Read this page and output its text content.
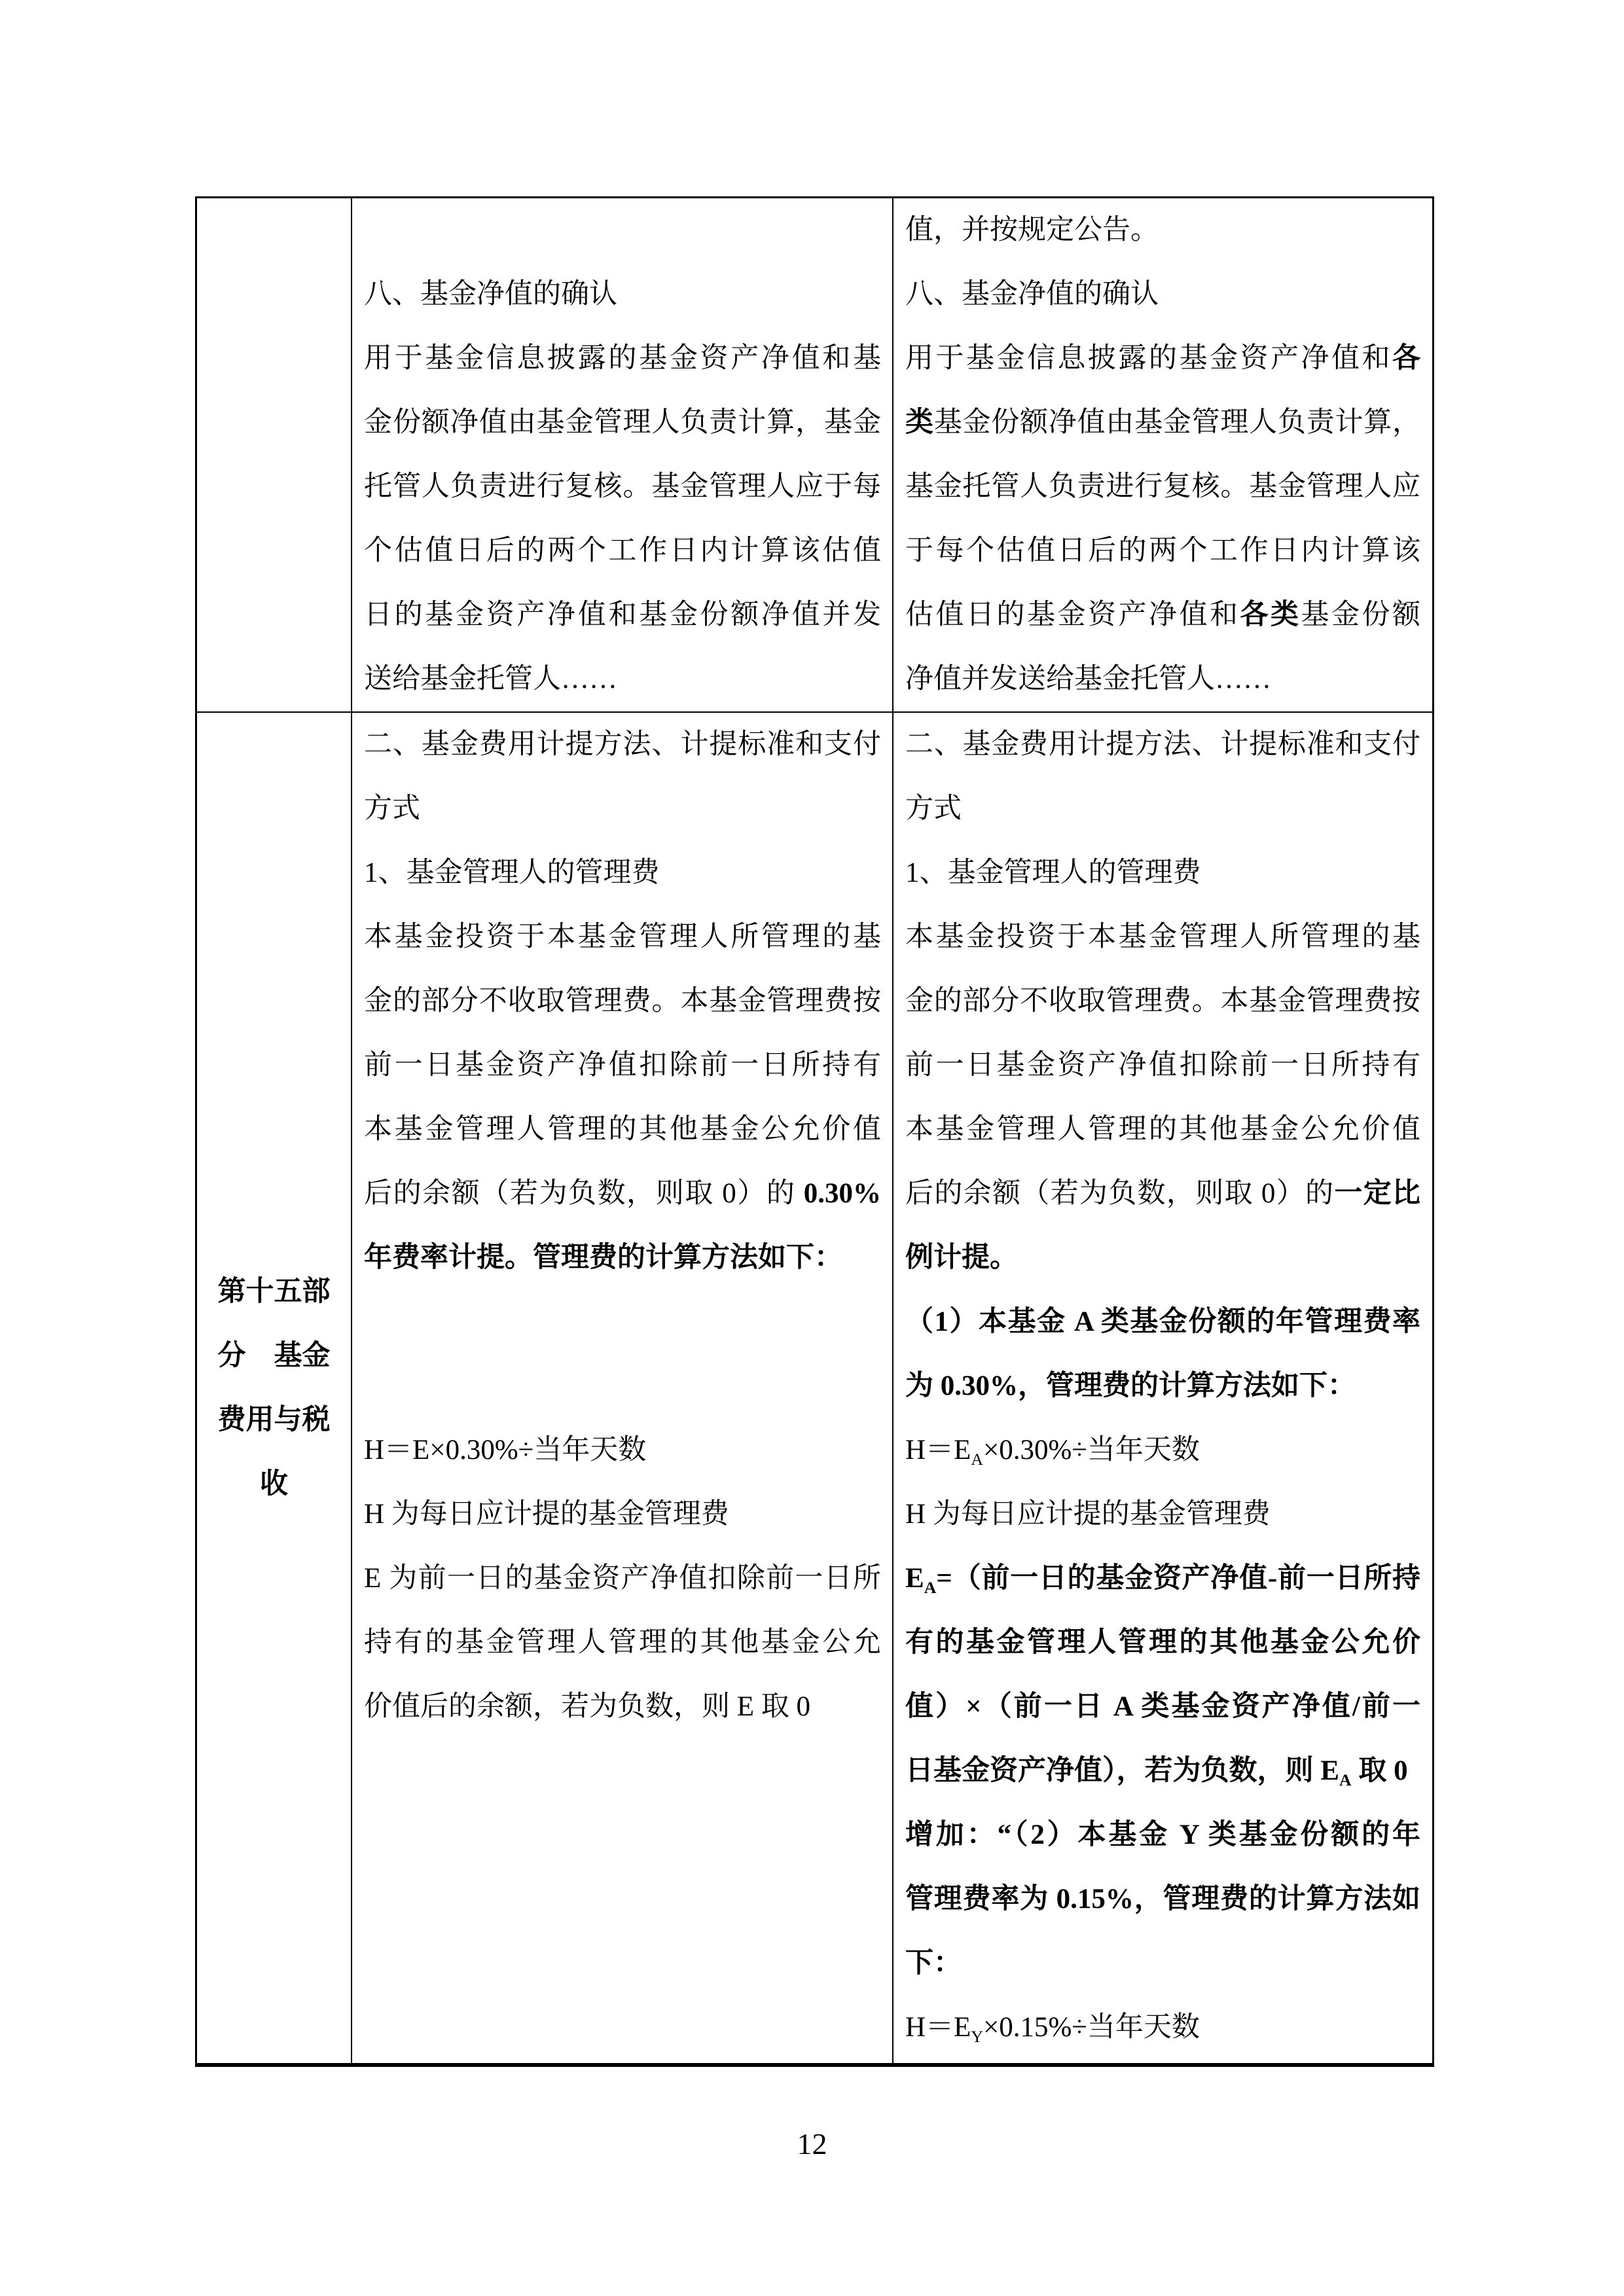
八、基金净值的确认
用于基金信息披露的基金资产净值和基
金份额净值由基金管理人负责计算，基金
托管人负责进行复核。基金管理人应于每
个估值日后的两个工作日内计算该估值
日的基金资产净值和基金份额净值并发
送给基金托管人……
值，并按规定公告。
八、基金净值的确认
用于基金信息披露的基金资产净值和各
类基金份额净值由基金管理人负责计算，
基金托管人负责进行复核。基金管理人应
于每个估值日后的两个工作日内计算该
估值日的基金资产净值和各类基金份额
净值并发送给基金托管人……
第十五部
分　基金
费用与税
收
二、基金费用计提方法、计提标准和支付
方式
1、基金管理人的管理费
本基金投资于本基金管理人所管理的基
金的部分不收取管理费。本基金管理费按
前一日基金资产净值扣除前一日所持有
本基金管理人管理的其他基金公允价值
后的余额（若为负数，则取 0）的 0.30%
年费率计提。管理费的计算方法如下：
H＝E×0.30%÷当年天数
H 为每日应计提的基金管理费
E 为前一日的基金资产净值扣除前一日所
持有的基金管理人管理的其他基金公允
价值后的余额，若为负数，则 E 取 0
二、基金费用计提方法、计提标准和支付
方式
1、基金管理人的管理费
本基金投资于本基金管理人所管理的基
金的部分不收取管理费。本基金管理费按
前一日基金资产净值扣除前一日所持有
本基金管理人管理的其他基金公允价值
后的余额（若为负数，则取 0）的一定比
例计提。
（1）本基金 A 类基金份额的年管理费率
为 0.30%，管理费的计算方法如下：
$H=E_A\times 0.30\%\div$当年天数
H 为每日应计提的基金管理费
$E_A=$（前一日的基金资产净值-前一日所持
有的基金管理人管理的其他基金公允价
值）×（前一日 A 类基金资产净值/前一
日基金资产净值），若为负数，则 $E_A$ 取 0
增加：“（2）本基金 Y 类基金份额的年
管理费率为 0.15%，管理费的计算方法如
下：
$H=E_Y\times 0.15\%\div$当年天数
12
